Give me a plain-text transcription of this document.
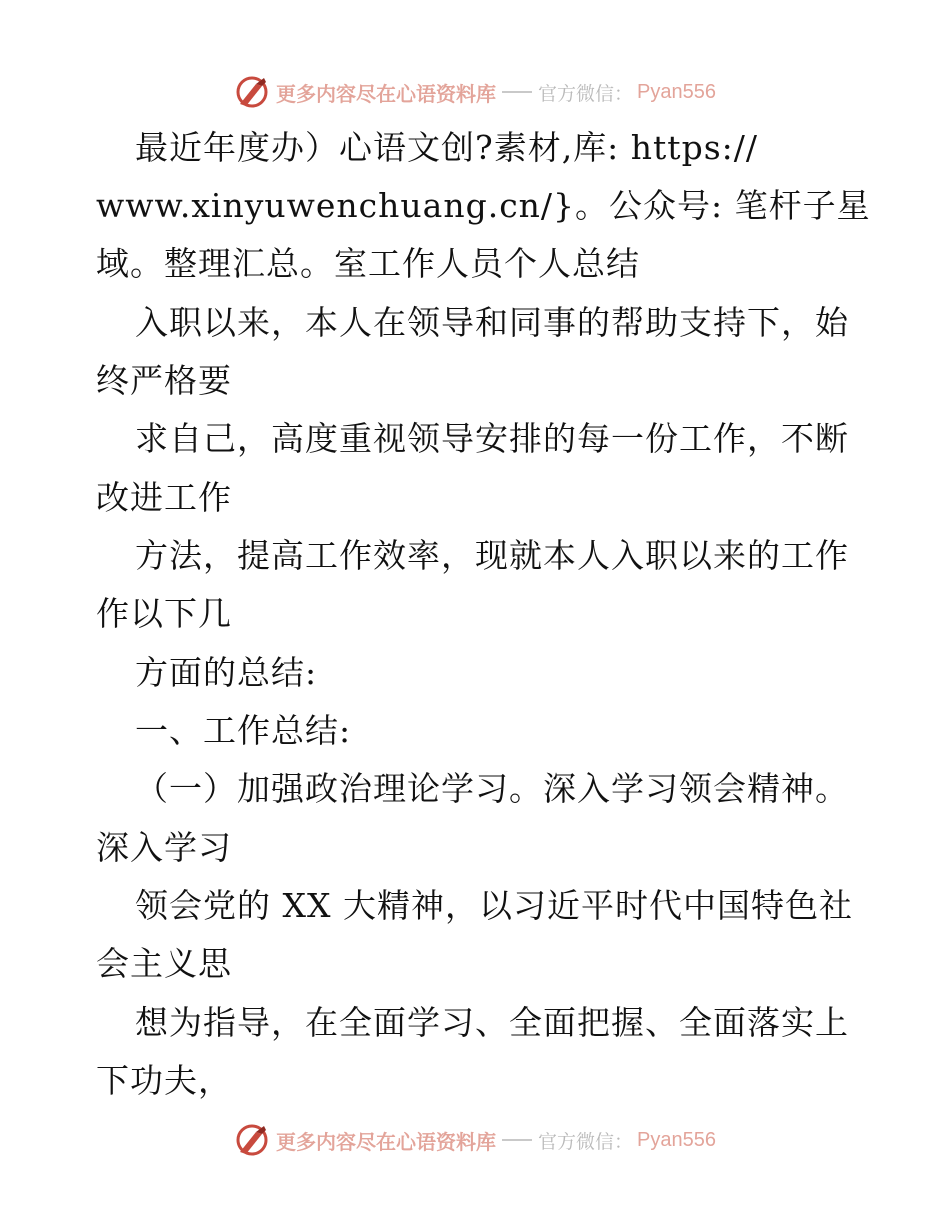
更多内容尽在心语资料库 官方微信： Pyan556
最近年度办）心语文创?素材,库: https://
www.xinyuwenchuang.cn/}。公众号: 笔杆子星
域。整理汇总。室工作人员个人总结
入职以来，本人在领导和同事的帮助支持下，始
终严格要
求自己，高度重视领导安排的每一份工作，不断
改进工作
方法，提高工作效率，现就本人入职以来的工作
作以下几
方面的总结:
一、工作总结:
（一）加强政治理论学习。深入学习领会精神。
深入学习
领会党的 XX 大精神，以习近平时代中国特色社
会主义思
想为指导，在全面学习、全面把握、全面落实上
下功夫，
更多内容尽在心语资料库 官方微信： Pyan556
